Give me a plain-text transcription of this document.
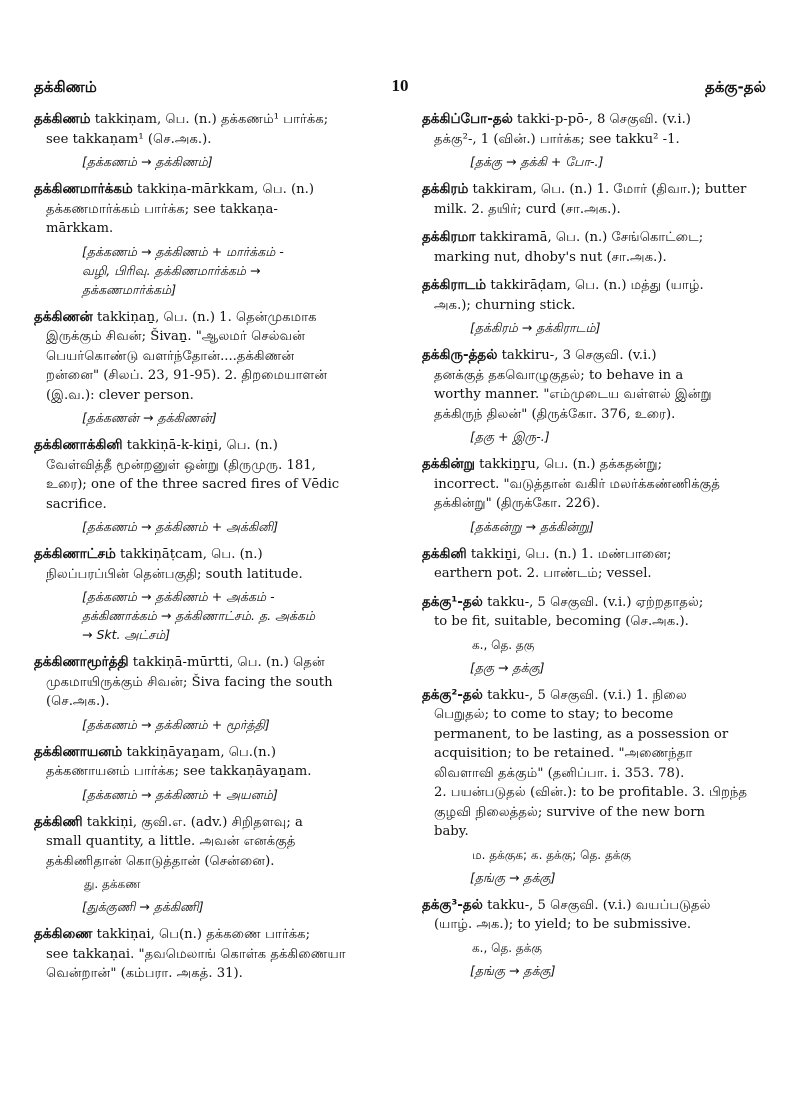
தக்கிணம்	10	தக்கு-தல்

தக்கிணம் takkiṇam, பெ. (n.) தக்கணம்¹ பார்க்க;

see takkaṇam¹ (செ.அக.).

[தக்கணம் → தக்கிணம்]

தக்கிணமார்க்கம் takkiṇa-mārkkam, பெ. (n.)

தக்கணமார்க்கம் பார்க்க; see takkaṇa-

mārkkam.

[தக்கணம் → தக்கிணம் + மார்க்கம் -
வழி, பிரிவு. தக்கிணமார்க்கம் →
தக்கணமார்க்கம்]

தக்கிணன் takkiṇaṉ, பெ. (n.) 1. தென்முகமாக

இருக்கும் சிவன்; Šivaṉ. "ஆலமர் செல்வன்

பெயர்கொண்டு வளர்ந்தோன்....தக்கிணன்

றன்னை" (சிலப். 23, 91-95). 2. திறமையாளன்

(இ.வ.): clever person.

[தக்கணன் → தக்கிணன்]

தக்கிணாக்கினி takkiṇā-k-kiṉi, பெ. (n.)

வேள்வித்தீ மூன்றனுள் ஒன்று (திருமுரு. 181,

உரை); one of the three sacred fires of Vēdic

sacrifice.

[தக்கணம் → தக்கிணம் + அக்கினி]

தக்கிணாட்சம் takkiṇāṭcam, பெ. (n.)

நிலப்பரப்பின் தென்பகுதி; south latitude.

[தக்கணம் → தக்கிணம் + அக்கம் -
தக்கிணாக்கம் → தக்கிணாட்சம். த. அக்கம்
→ Skt. அட்சம்]

தக்கிணாமூர்த்தி takkiṇā-mūrtti, பெ. (n.) தென்

முகமாயிருக்கும் சிவன்; Šiva facing the south

(செ.அக.).

[தக்கணம் → தக்கிணம் + மூர்த்தி]

தக்கிணாயனம் takkiṇāyaṉam, பெ.(n.)

தக்கணாயனம் பார்க்க; see takkaṇāyaṉam.

[தக்கணம் → தக்கிணம் + அயனம்]

தக்கிணி takkiṇi, குவி.எ. (adv.) சிறிதளவு; a

small quantity, a little. அவன் எனக்குத்

தக்கிணிதான் கொடுத்தான் (சென்னை).

து. தக்கண

[துக்குணி → தக்கிணி]

தக்கிணை takkiṇai, பெ(n.) தக்கணை பார்க்க;

see takkaṇai. "தவமெலாங் கொள்க தக்கிணையா

வென்றான்" (கம்பரா. அகத். 31).

தக்கிப்போ-தல் takki-p-pō-, 8 செகுவி. (v.i.)

தக்கு²-, 1 (வின்.) பார்க்க; see takku² -1.

[தக்கு → தக்கி + போ-.]

தக்கிரம் takkiram, பெ. (n.) 1. மோர் (திவா.); butter

milk. 2. தயிர்; curd (சா.அக.).

தக்கிரமா takkiramā, பெ. (n.) சேங்கொட்டை;

marking nut, dhoby's nut (சா.அக.).

தக்கிராடம் takkirāḍam, பெ. (n.) மத்து (யாழ்.

அக.); churning stick.

[தக்கிரம் → தக்கிராடம்]

தக்கிரு-த்தல் takkiru-, 3 செகுவி. (v.i.)

தனக்குத் தகவொழுகுதல்; to behave in a

worthy manner. "எம்முடைய வள்ளல் இன்று

தக்கிருந் திலன்" (திருக்கோ. 376, உரை).

[தகு + இரு-.]

தக்கின்று takkiṉṟu, பெ. (n.) தக்கதன்று;

incorrect. "வடுத்தான் வகிர் மலர்க்கண்ணிக்குத்

தக்கின்று" (திருக்கோ. 226).

[தக்கன்று → தக்கின்று]

தக்கினி takkiṉi, பெ. (n.) 1. மண்பானை;

earthern pot. 2. பாண்டம்; vessel.

தக்கு¹-தல் takku-, 5 செகுவி. (v.i.) ஏற்றதாதல்;

to be fit, suitable, becoming (செ.அக.).

க., தெ. தகு

[தகு → தக்கு]

தக்கு²-தல் takku-, 5 செகுவி. (v.i.) 1. நிலை

பெறுதல்; to come to stay; to become

permanent, to be lasting, as a possession or

acquisition; to be retained. "அணைந்தா

லிவளாவி தக்கும்" (தனிப்பா. i. 353. 78).

2. பயன்படுதல் (வின்.): to be profitable. 3. பிறந்த

குழவி நிலைத்தல்; survive of the new born

baby.

ம. தக்குக; க. தக்கு; தெ. தக்கு

[தங்கு → தக்கு]

தக்கு³-தல் takku-, 5 செகுவி. (v.i.) வயப்படுதல்

(யாழ். அக.); to yield; to be submissive.

க., தெ. தக்கு

[தங்கு → தக்கு]
